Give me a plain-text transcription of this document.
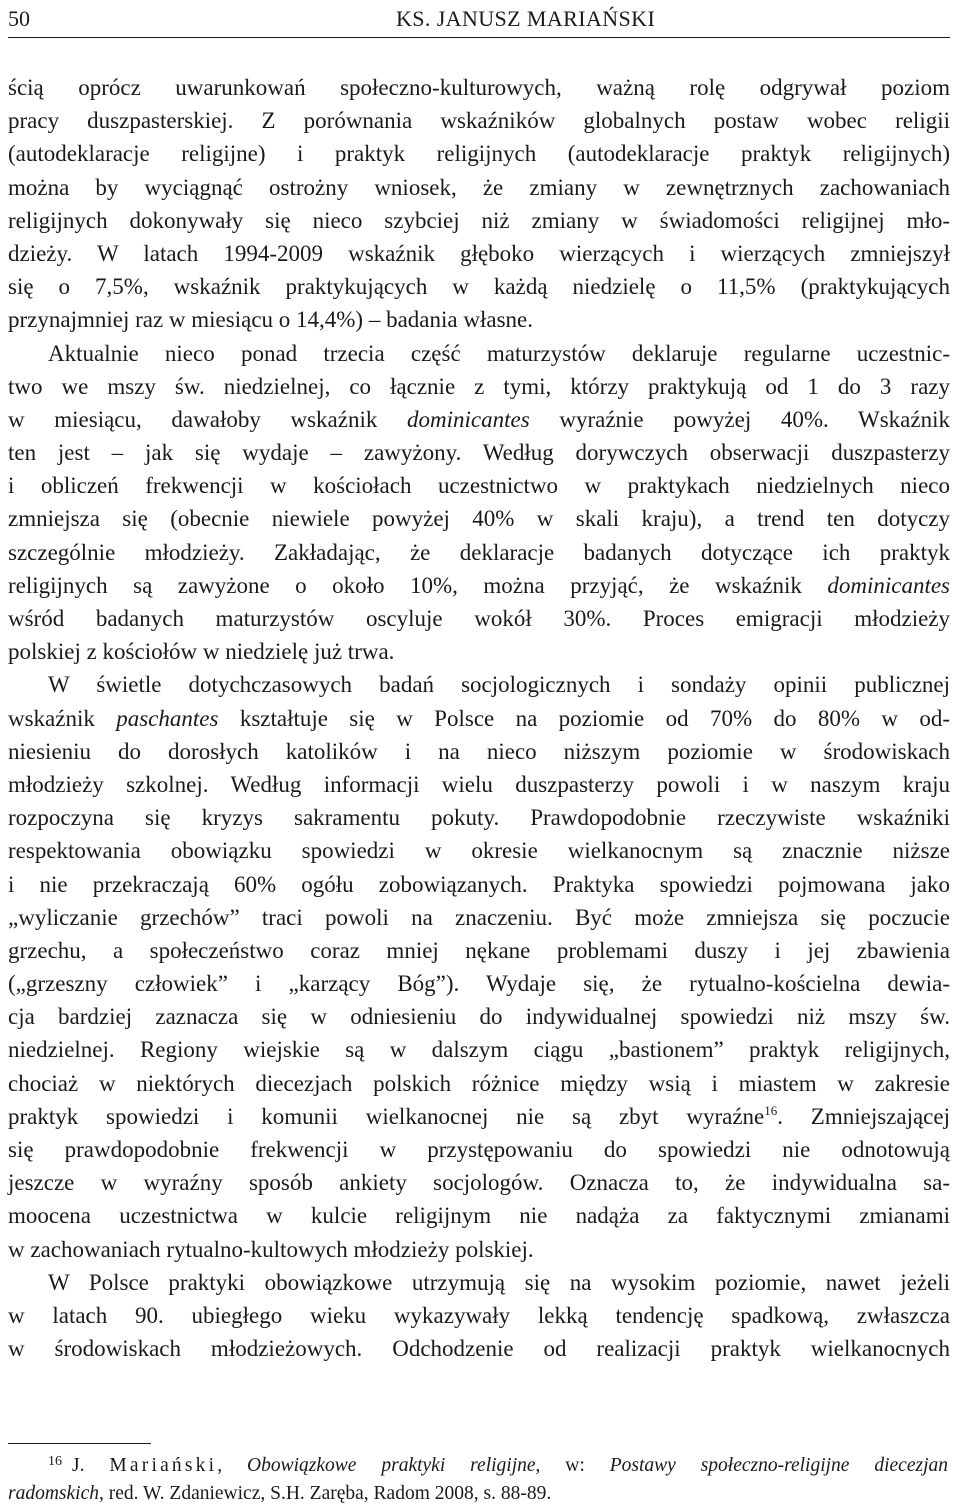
50	KS. JANUSZ MARIAŃSKI
ścią oprócz uwarunkowań społeczno-kulturowych, ważną rolę odgrywał poziom
pracy duszpasterskiej. Z porównania wskaźników globalnych postaw wobec religii
(autodeklaracje religijne) i praktyk religijnych (autodeklaracje praktyk religijnych)
można by wyciągnąć ostrożny wniosek, że zmiany w zewnętrznych zachowaniach
religijnych dokonywały się nieco szybciej niż zmiany w świadomości religijnej mło-
dzieży. W latach 1994-2009 wskaźnik głęboko wierzących i wierzących zmniejszył
się o 7,5%, wskaźnik praktykujących w każdą niedzielę o 11,5% (praktykujących
przynajmniej raz w miesiącu o 14,4%) – badania własne.
Aktualnie nieco ponad trzecia część maturzystów deklaruje regularne uczestnic-
two we mszy św. niedzielnej, co łącznie z tymi, którzy praktykują od 1 do 3 razy
w miesiącu, dawałoby wskaźnik dominicantes wyraźnie powyżej 40%. Wskaźnik
ten jest – jak się wydaje – zawyżony. Według dorywczych obserwacji duszpasterzy
i obliczeń frekwencji w kościołach uczestnictwo w praktykach niedzielnych nieco
zmniejsza się (obecnie niewiele powyżej 40% w skali kraju), a trend ten dotyczy
szczególnie młodzieży. Zakładając, że deklaracje badanych dotyczące ich praktyk
religijnych są zawyżone o około 10%, można przyjąć, że wskaźnik dominicantes
wśród badanych maturzystów oscyluje wokół 30%. Proces emigracji młodzieży
polskiej z kościołów w niedzielę już trwa.
W świetle dotychczasowych badań socjologicznych i sondaży opinii publicznej
wskaźnik paschantes kształtuje się w Polsce na poziomie od 70% do 80% w od-
niesieniu do dorosłych katolików i na nieco niższym poziomie w środowiskach
młodzieży szkolnej. Według informacji wielu duszpasterzy powoli i w naszym kraju
rozpoczyna się kryzys sakramentu pokuty. Prawdopodobnie rzeczywiste wskaźniki
respektowania obowiązku spowiedzi w okresie wielkanocnym są znacznie niższe
i nie przekraczają 60% ogółu zobowiązanych. Praktyka spowiedzi pojmowana jako
„wyliczanie grzechów” traci powoli na znaczeniu. Być może zmniejsza się poczucie
grzechu, a społeczeństwo coraz mniej nękane problemami duszy i jej zbawienia
(„grzeszny człowiek” i „karzący Bóg”). Wydaje się, że rytualno-kościelna dewia-
cja bardziej zaznacza się w odniesieniu do indywidualnej spowiedzi niż mszy św.
niedzielnej. Regiony wiejskie są w dalszym ciągu „bastionem” praktyk religijnych,
chociaż w niektórych diecezjach polskich różnice między wsią i miastem w zakresie
praktyk spowiedzi i komunii wielkanocnej nie są zbyt wyraźne$^{16}$. Zmniejszającej
się prawdopodobnie frekwencji w przystępowaniu do spowiedzi nie odnotowują
jeszcze w wyraźny sposób ankiety socjologów. Oznacza to, że indywidualna sa-
moocena uczestnictwa w kulcie religijnym nie nadąża za faktycznymi zmianami
w zachowaniach rytualno-kultowych młodzieży polskiej.
W Polsce praktyki obowiązkowe utrzymują się na wysokim poziomie, nawet jeżeli
w latach 90. ubiegłego wieku wykazywały lekką tendencję spadkową, zwłaszcza
w środowiskach młodzieżowych. Odchodzenie od realizacji praktyk wielkanocnych
$^{16}$ J. Mariański, Obowiązkowe praktyki religijne, w: Postawy społeczno-religijne diecezjan
radomskich, red. W. Zdaniewicz, S.H. Zaręba, Radom 2008, s. 88-89.
